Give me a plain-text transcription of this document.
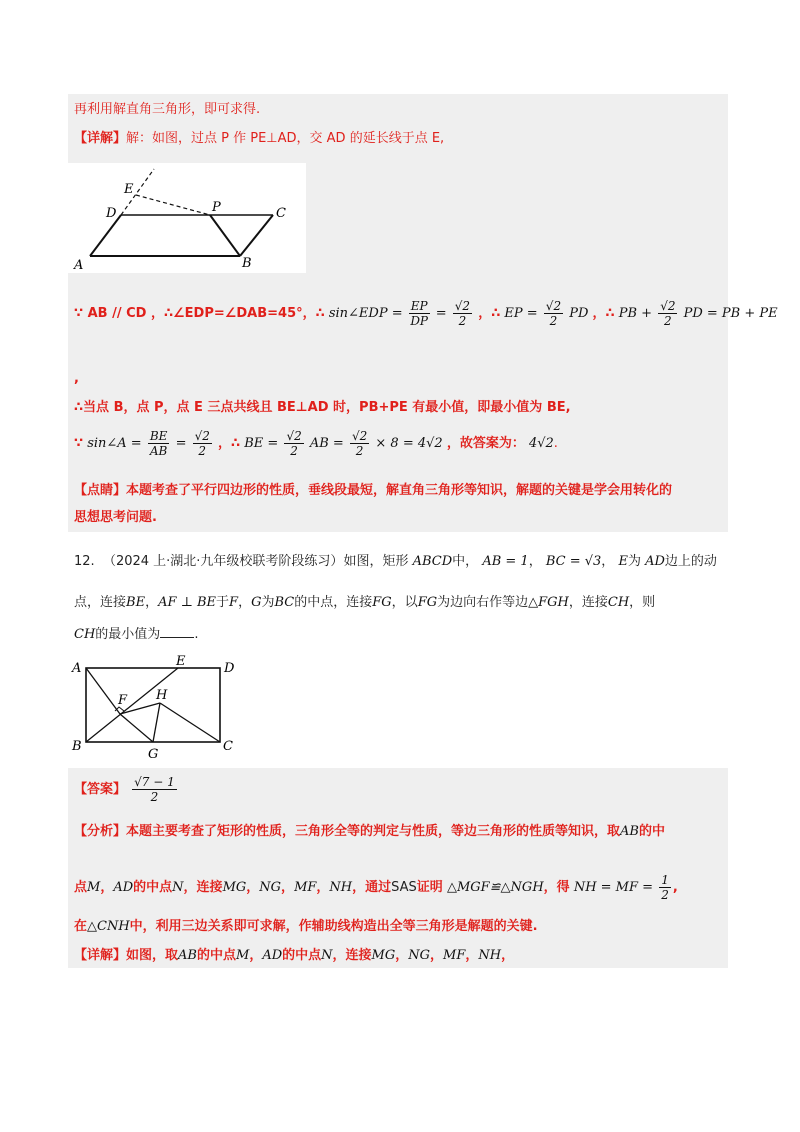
再利用解直角三角形，即可求得.
【详解】解：如图，过点 P 作 PE⊥AD，交 AD 的延长线于点 E,
E
D	P	C
A	B
∵ AB // CD ，∴∠EDP=∠DAB=45°，∴ sin∠EDP = $\frac{EP}{DP} = \frac{√2}{2}$ ，∴ EP = $\frac{√2}{2}$ PD ，∴ PB + $\frac{√2}{2}$ PD = PB + PE
,
∴当点 B，点 P，点 E 三点共线且 BE⊥AD 时，PB+PE 有最小值，即最小值为 BE,
∵ sin∠A = $\frac{BE}{AB} = \frac{√2}{2}$ ，∴ BE = $\frac{√2}{2}$ AB = $\frac{√2}{2} \times 8 = 4√2$ ，故答案为： 4√2.
【点睛】本题考查了平行四边形的性质，垂线段最短，解直角三角形等知识，解题的关键是学会用转化的
思想思考问题.
12. （2024 上·湖北·九年级校联考阶段练习）如图，矩形 ABCD中， AB = 1， BC = √3， E为 AD边上的动
点，连接BE，AF ⊥ BE于F，G为BC的中点，连接FG，以FG为边向右作等边△FGH，连接CH，则
CH的最小值为	.
A	E	D
F H
B
G
C
【答案】 $\frac{√7 - 1}{2}$
【分析】本题主要考查了矩形的性质，三角形全等的判定与性质，等边三角形的性质等知识，取AB的中
点M，AD的中点N，连接MG，NG，MF，NH，通过SAS证明 △MGF≌△NGH，得 NH = MF = $\frac{1}{2}$ ,
在△CNH中，利用三边关系即可求解，作辅助线构造出全等三角形是解题的关键.
【详解】如图，取AB的中点M，AD的中点N，连接MG，NG，MF，NH，
